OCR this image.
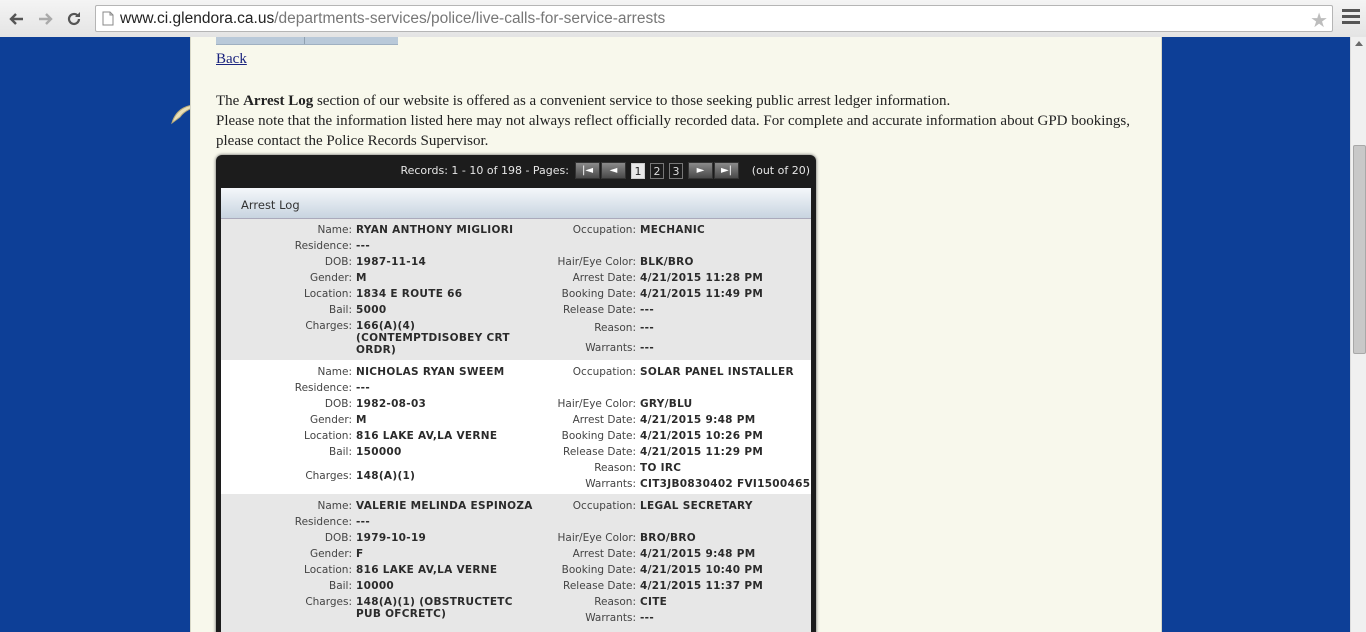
www.ci.glendora.ca.us/departments-services/police/live-calls-for-service-arrests	★
Back
The Arrest Log section of our website is offered as a convenient service to those seeking public arrest ledger information.
Please note that the information listed here may not always reflect officially recorded data. For complete and accurate information about GPD bookings, please contact the Police Records Supervisor.
Records: 1 - 10 of 198 - Pages:	|◄	◄	1	2	3	►	►|	(out of 20)
Arrest Log
Name: RYAN ANTHONY MIGLIORI
Residence: ---
DOB: 1987-11-14
Gender: M
Location: 1834 E ROUTE 66
Bail: 5000
Charges: 166(A)(4) (CONTEMPTDISOBEY CRT ORDR)
Occupation: MECHANIC
Hair/Eye Color: BLK/BRO
Arrest Date: 4/21/2015 11:28 PM
Booking Date: 4/21/2015 11:49 PM
Release Date: ---
Reason: ---
Warrants: ---
Name: NICHOLAS RYAN SWEEM
Residence: ---
DOB: 1982-08-03
Gender: M
Location: 816 LAKE AV,LA VERNE
Bail: 150000
Charges: 148(A)(1)
Occupation: SOLAR PANEL INSTALLER
Hair/Eye Color: GRY/BLU
Arrest Date: 4/21/2015 9:48 PM
Booking Date: 4/21/2015 10:26 PM
Release Date: 4/21/2015 11:29 PM
Reason: TO IRC
Warrants: CIT3JB0830402 FVI1500465
Name: VALERIE MELINDA ESPINOZA
Residence: ---
DOB: 1979-10-19
Gender: F
Location: 816 LAKE AV,LA VERNE
Bail: 10000
Charges: 148(A)(1) (OBSTRUCTETC PUB OFCRETC)
Occupation: LEGAL SECRETARY
Hair/Eye Color: BRO/BRO
Arrest Date: 4/21/2015 9:48 PM
Booking Date: 4/21/2015 10:40 PM
Release Date: 4/21/2015 11:37 PM
Reason: CITE
Warrants: ---
